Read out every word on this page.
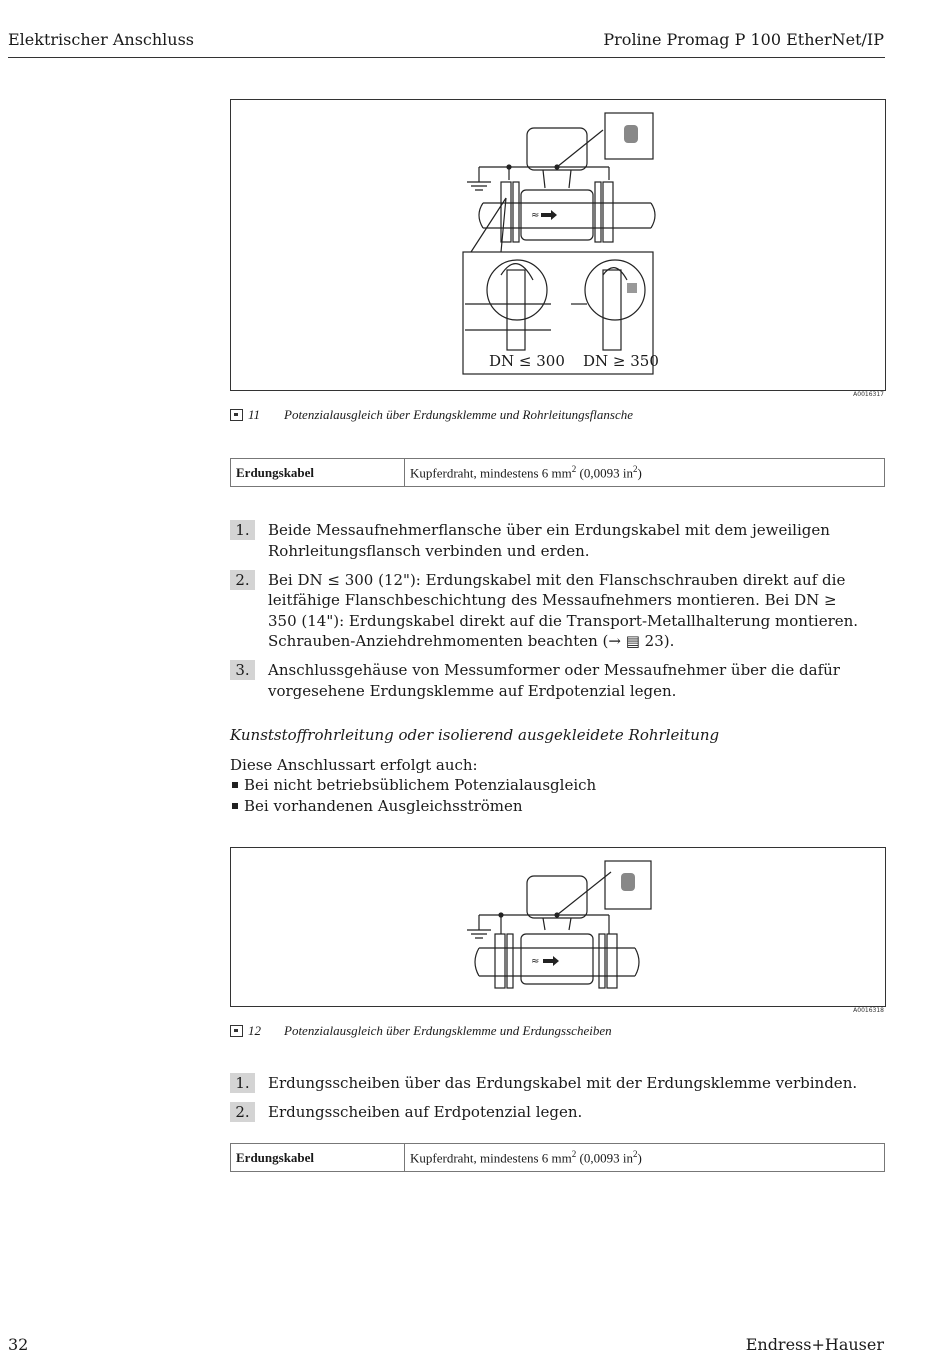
Elektrischer Anschluss	Proline Promag P 100 EtherNet/IP
≈
DN ≤ 300 DN ≥ 350
A0016317
11	Potenzialausgleich über Erdungsklemme und Rohrleitungsflansche
Erdungskabel	Kupferdraht, mindestens 6 $mm^2$ (0,0093 $in^2$)
1.	Beide Messaufnehmerflansche über ein Erdungskabel mit dem jeweiligen Rohrleitungsflansch verbinden und erden.
2.	Bei DN ≤ 300 (12"): Erdungskabel mit den Flanschschrauben direkt auf die leitfähige Flanschbeschichtung des Messaufnehmers montieren. Bei DN ≥ 350 (14"): Erdungskabel direkt auf die Transport-Metallhalterung montieren. Schrauben-Anziehdrehmomenten beachten (→ ▤ 23).
3.	Anschlussgehäuse von Messumformer oder Messaufnehmer über die dafür vorgesehene Erdungsklemme auf Erdpotenzial legen.
Kunststoffrohrleitung oder isolierend ausgekleidete Rohrleitung
Diese Anschlussart erfolgt auch:
Bei nicht betriebsüblichem Potenzialausgleich
Bei vorhandenen Ausgleichsströmen
≈
A0016318
12	Potenzialausgleich über Erdungsklemme und Erdungsscheiben
1.	Erdungsscheiben über das Erdungskabel mit der Erdungsklemme verbinden.
2.	Erdungsscheiben auf Erdpotenzial legen.
Erdungskabel	Kupferdraht, mindestens 6 $mm^2$ (0,0093 $in^2$)
32	Endress+Hauser
